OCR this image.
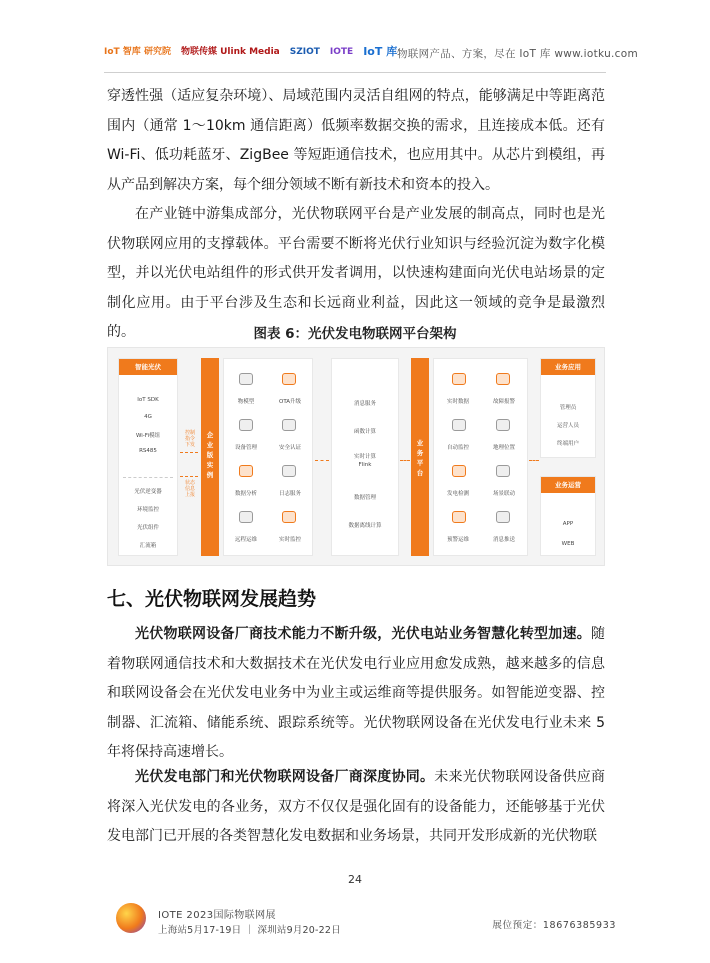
IoT 智库 研究院 物联传媒 Ulink Media SZIOT IOTE IoT 库 物联网产品、方案，尽在 IoT 库 www.iotku.com

穿透性强（适应复杂环境）、局域范围内灵活自组网的特点，能够满足中等距离范围内（通常 1～10km 通信距离）低频率数据交换的需求，且连接成本低。还有 Wi-Fi、低功耗蓝牙、ZigBee 等短距通信技术，也应用其中。从芯片到模组，再从产品到解决方案，每个细分领域不断有新技术和资本的投入。

在产业链中游集成部分，光伏物联网平台是产业发展的制高点，同时也是光伏物联网应用的支撑载体。平台需要不断将光伏行业知识与经验沉淀为数字化模型，并以光伏电站组件的形式供开发者调用，以快速构建面向光伏电站场景的定制化应用。由于平台涉及生态和长远商业利益，因此这一领域的竞争是最激烈的。	图表 6：光伏发电物联网平台架构
智能光伏
IoT SDK
4G
Wi-Fi模组
RS485
光伏逆变器
环境监控
光伏组件
汇流箱
控制
指令
下发
状态
信息
上报
企
业
版
实
例
物模型	OTA升级
设备管理	安全认证
数据分析	日志服务
远程运维	实时监控
消息服务
函数计算
实时计算
Flink
数据管理
数据离线计算
业
务
平
台
实时数据	故障报警
自动监控	地理位置
发电检测	场景联动
预警运维	消息推送
业务应用
管理员
运营人员
终端用户
业务运营
APP
WEB
七、光伏物联网发展趋势

光伏物联网设备厂商技术能力不断升级，光伏电站业务智慧化转型加速。随着物联网通信技术和大数据技术在光伏发电行业应用愈发成熟，越来越多的信息和联网设备会在光伏发电业务中为业主或运维商等提供服务。如智能逆变器、控制器、汇流箱、储能系统、跟踪系统等。光伏物联网设备在光伏发电行业未来 5 年将保持高速增长。

光伏发电部门和光伏物联网设备厂商深度协同。未来光伏物联网设备供应商将深入光伏发电的各业务，双方不仅仅是强化固有的设备能力，还能够基于光伏发电部门已开展的各类智慧化发电数据和业务场景，共同开发形成新的光伏物联

24
IOTE 2023国际物联网展
上海站5月17-19日 ｜ 深圳站9月20-22日	展位预定：18676385933
